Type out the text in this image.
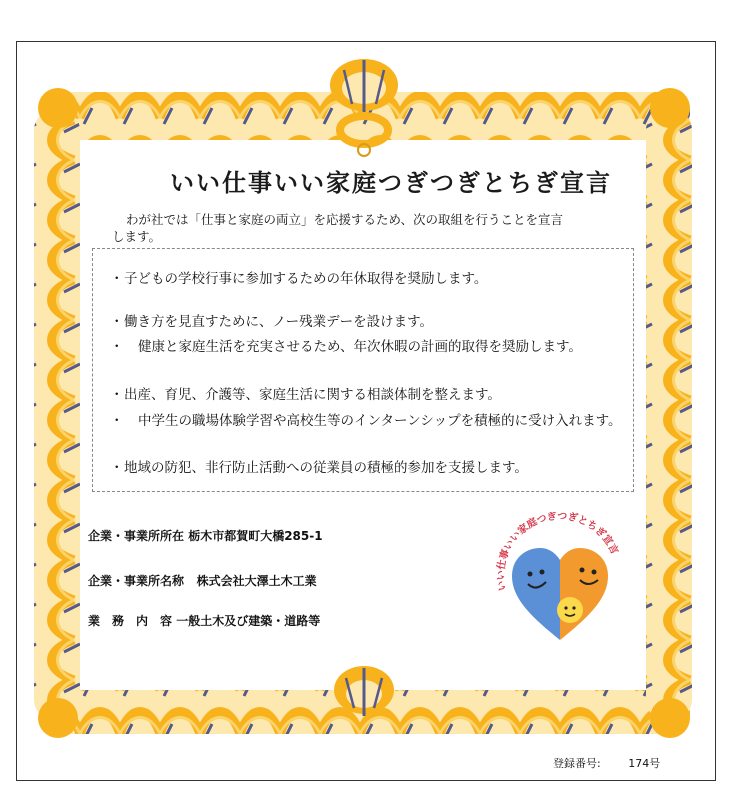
いい仕事いい家庭つぎつぎとちぎ宣言
わが社では「仕事と家庭の両立」を応援するため、次の取組を行うことを宣言
します。
・子どもの学校行事に参加するための年休取得を奨励します。
・働き方を見直すために、ノー残業デーを設けます。
・ 健康と家庭生活を充実させるため、年次休暇の計画的取得を奨励します。
・出産、育児、介護等、家庭生活に関する相談体制を整えます。
・ 中学生の職場体験学習や高校生等のインターンシップを積極的に受け入れます。
・地域の防犯、非行防止活動への従業員の積極的参加を支援します。
企業・事業所所在 栃木市都賀町大橋285-1
企業・事業所名称 株式会社大澤土木工業
業　務　内　容 一般土木及び建築・道路等
いい仕事いい家庭つぎつぎとちぎ宣言
登録番号:	174号
